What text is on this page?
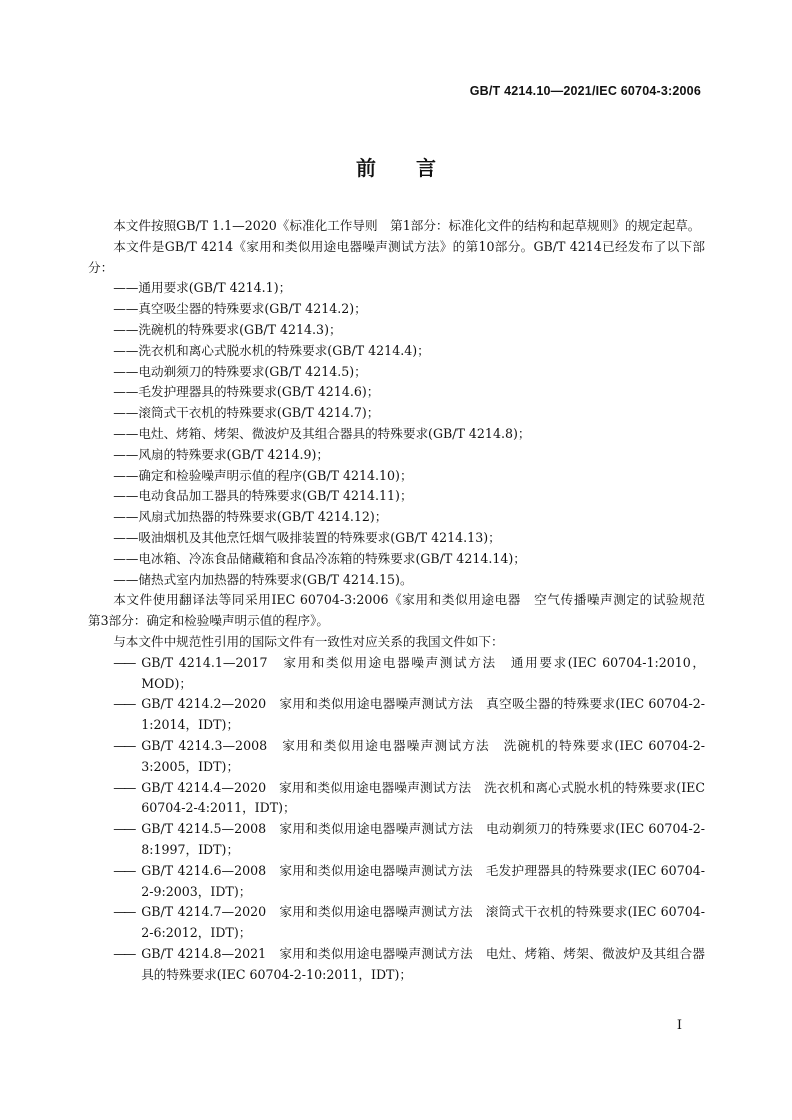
GB/T 4214.10—2021/IEC 60704-3:2006
前 言

本文件按照GB/T 1.1—2020《标准化工作导则　第1部分：标准化文件的结构和起草规则》的规定起草。

本文件是GB/T 4214《家用和类似用途电器噪声测试方法》的第10部分。GB/T 4214已经发布了以下部分：

——通用要求(GB/T 4214.1)；

——真空吸尘器的特殊要求(GB/T 4214.2)；

——洗碗机的特殊要求(GB/T 4214.3)；

——洗衣机和离心式脱水机的特殊要求(GB/T 4214.4)；

——电动剃须刀的特殊要求(GB/T 4214.5)；

——毛发护理器具的特殊要求(GB/T 4214.6)；

——滚筒式干衣机的特殊要求(GB/T 4214.7)；

——电灶、烤箱、烤架、微波炉及其组合器具的特殊要求(GB/T 4214.8)；

——风扇的特殊要求(GB/T 4214.9)；

——确定和检验噪声明示值的程序(GB/T 4214.10)；

——电动食品加工器具的特殊要求(GB/T 4214.11)；

——风扇式加热器的特殊要求(GB/T 4214.12)；

——吸油烟机及其他烹饪烟气吸排装置的特殊要求(GB/T 4214.13)；

——电冰箱、冷冻食品储藏箱和食品冷冻箱的特殊要求(GB/T 4214.14)；

——储热式室内加热器的特殊要求(GB/T 4214.15)。

本文件使用翻译法等同采用IEC 60704-3:2006《家用和类似用途电器　空气传播噪声测定的试验规范　第3部分：确定和检验噪声明示值的程序》。

与本文件中规范性引用的国际文件有一致性对应关系的我国文件如下：

—— GB/T 4214.1—2017　家用和类似用途电器噪声测试方法　通用要求(IEC 60704-1:2010，MOD)；

—— GB/T 4214.2—2020　家用和类似用途电器噪声测试方法　真空吸尘器的特殊要求(IEC 60704-2-1:2014，IDT)；

—— GB/T 4214.3—2008　家用和类似用途电器噪声测试方法　洗碗机的特殊要求(IEC 60704-2-3:2005，IDT)；

—— GB/T 4214.4—2020　家用和类似用途电器噪声测试方法　洗衣机和离心式脱水机的特殊要求(IEC 60704-2-4:2011，IDT)；

—— GB/T 4214.5—2008　家用和类似用途电器噪声测试方法　电动剃须刀的特殊要求(IEC 60704-2-8:1997，IDT)；

—— GB/T 4214.6—2008　家用和类似用途电器噪声测试方法　毛发护理器具的特殊要求(IEC 60704-2-9:2003，IDT)；

—— GB/T 4214.7—2020　家用和类似用途电器噪声测试方法　滚筒式干衣机的特殊要求(IEC 60704-2-6:2012，IDT)；

—— GB/T 4214.8—2021　家用和类似用途电器噪声测试方法　电灶、烤箱、烤架、微波炉及其组合器具的特殊要求(IEC 60704-2-10:2011，IDT)；

I
